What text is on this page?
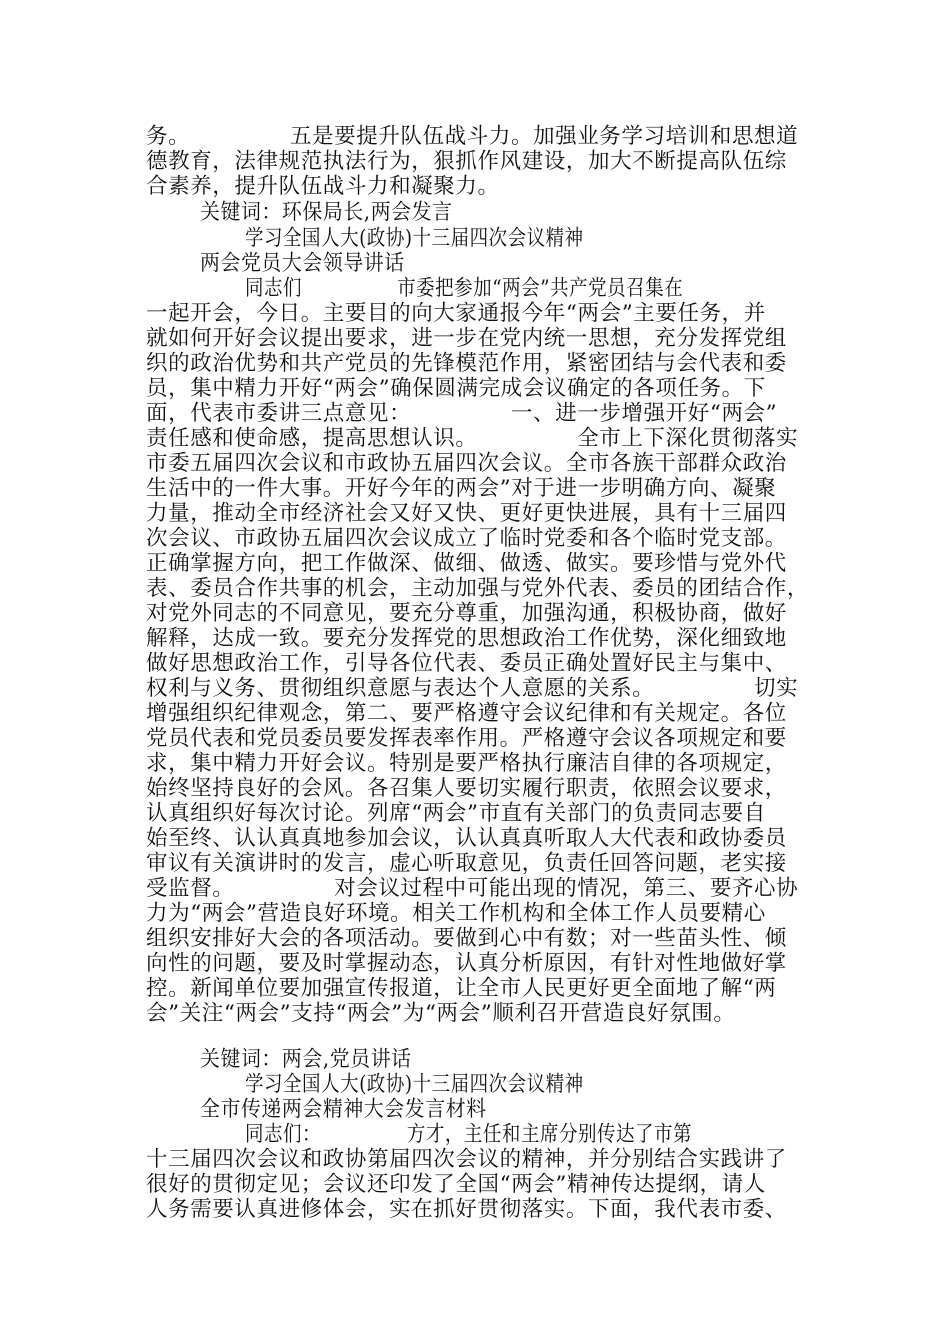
务。　　　　　五是要提升队伍战斗力。加强业务学习培训和思想道
德教育，法律规范执法行为，狠抓作风建设，加大不断提高队伍综
合素养，提升队伍战斗力和凝聚力。
关键词：环保局长,两会发言
学习全国人大(政协)十三届四次会议精神
两会党员大会领导讲话
同志们　　　　　市委把参加“两会”共产党员召集在
一起开会，今日。主要目的向大家通报今年“两会”主要任务，并
就如何开好会议提出要求，进一步在党内统一思想，充分发挥党组
织的政治优势和共产党员的先锋模范作用，紧密团结与会代表和委
员，集中精力开好“两会”确保圆满完成会议确定的各项任务。下
面，代表市委讲三点意见：　　　　　一、进一步增强开好“两会”
责任感和使命感，提高思想认识。　　　　　全市上下深化贯彻落实
市委五届四次会议和市政协五届四次会议。全市各族干部群众政治
生活中的一件大事。开好今年的两会”对于进一步明确方向、凝聚
力量，推动全市经济社会又好又快、更好更快进展，具有十三届四
次会议、市政协五届四次会议成立了临时党委和各个临时党支部。
正确掌握方向，把工作做深、做细、做透、做实。要珍惜与党外代
表、委员合作共事的机会，主动加强与党外代表、委员的团结合作，
对党外同志的不同意见，要充分尊重，加强沟通，积极协商，做好
解释，达成一致。要充分发挥党的思想政治工作优势，深化细致地
做好思想政治工作，引导各位代表、委员正确处置好民主与集中、
权利与义务、贯彻组织意愿与表达个人意愿的关系。　　　　　切实
增强组织纪律观念，第二、要严格遵守会议纪律和有关规定。各位
党员代表和党员委员要发挥表率作用。严格遵守会议各项规定和要
求，集中精力开好会议。特别是要严格执行廉洁自律的各项规定，
始终坚持良好的会风。各召集人要切实履行职责，依照会议要求，
认真组织好每次讨论。列席“两会”市直有关部门的负责同志要自
始至终、认认真真地参加会议，认认真真听取人大代表和政协委员
审议有关演讲时的发言，虚心听取意见，负责任回答问题，老实接
受监督。　　　　　对会议过程中可能出现的情况，第三、要齐心协
力为“两会”营造良好环境。相关工作机构和全体工作人员要精心
组织安排好大会的各项活动。要做到心中有数；对一些苗头性、倾
向性的问题，要及时掌握动态，认真分析原因，有针对性地做好掌
控。新闻单位要加强宣传报道，让全市人民更好更全面地了解“两
会”关注“两会”支持“两会”为“两会”顺利召开营造良好氛围。
关键词：两会,党员讲话
学习全国人大(政协)十三届四次会议精神
全市传递两会精神大会发言材料
同志们：　　　　　方才，主任和主席分别传达了市第
十三届四次会议和政协第届四次会议的精神，并分别结合实践讲了
很好的贯彻定见；会议还印发了全国“两会”精神传达提纲，请人
人务需要认真进修体会，实在抓好贯彻落实。下面，我代表市委、
